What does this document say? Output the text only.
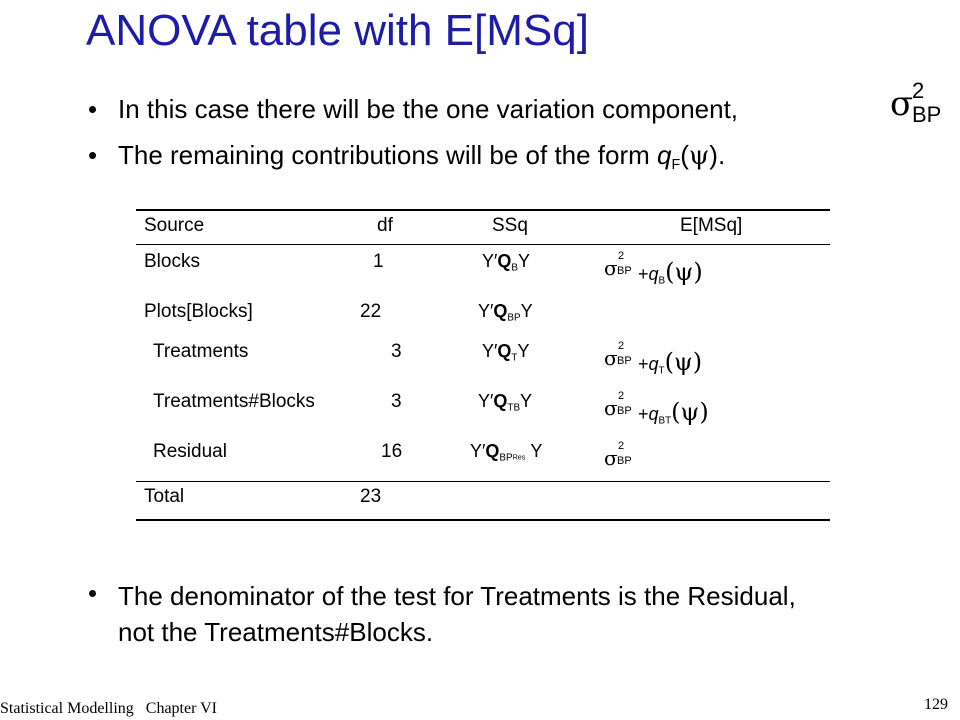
ANOVA table with E[MSq]
• In this case there will be the one variation component,	σ
2
BP
• The remaining contributions will be of the form $q_F(\psi)$.
Source	df	SSq	E[MSq]
Blocks	1	$Y'Q_BY$	σ 2
BP $+q_B(\psi)$
Plots[Blocks]	22	$Y'Q_{BP}Y$
Treatments	3	$Y'Q_TY$	σ 2
BP $+q_T(\psi)$
Treatments#Blocks	3	$Y'Q_{TB}Y$	σ 2
BP $+q_{BT}(\psi)$
Residual	16	$Y'Q_{BPRes}$ Y	σ 2
BP
Total	23
• The denominator of the test for Treatments is the Residual, not the Treatments#Blocks.
Statistical Modelling   Chapter VI	129
